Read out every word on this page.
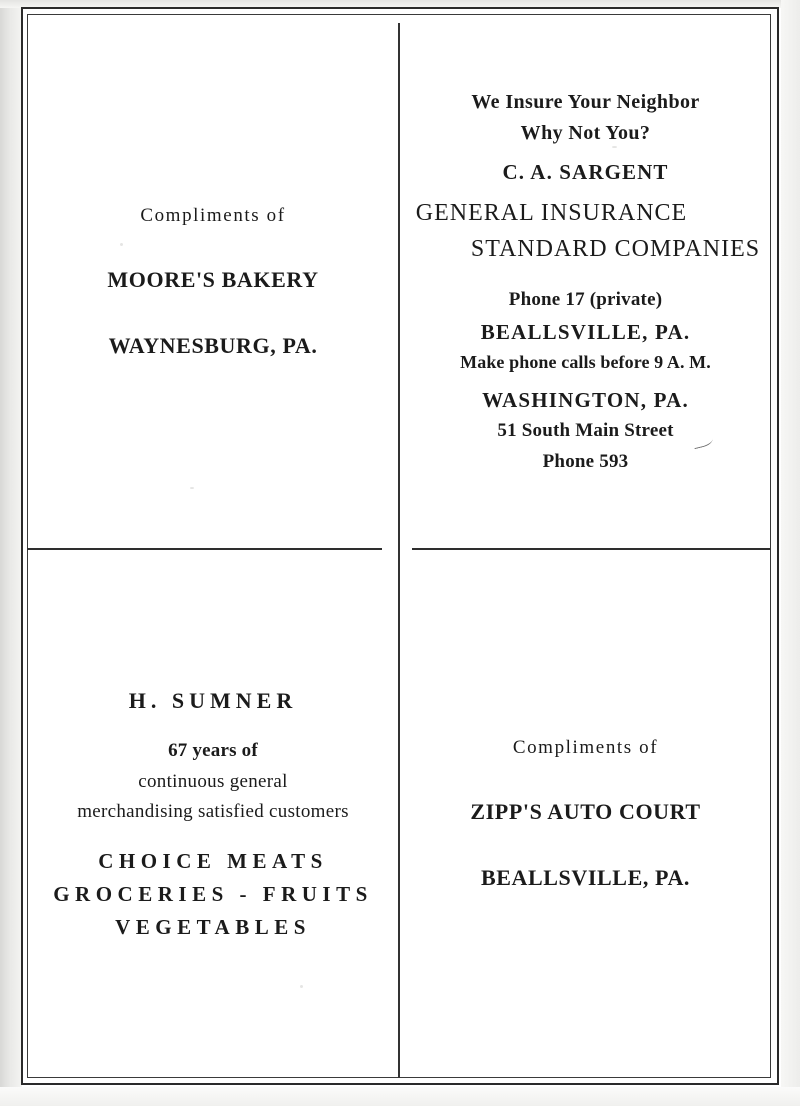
Compliments of
MOORE'S BAKERY
WAYNESBURG, PA.
We Insure Your Neighbor
Why Not You?
C. A. SARGENT
GENERAL INSURANCE
STANDARD COMPANIES
Phone 17 (private)
BEALLSVILLE, PA.
Make phone calls before 9 A. M.
WASHINGTON, PA.
51 South Main Street
Phone 593
H. SUMNER
67 years of
continuous general
merchandising satisfied customers
CHOICE MEATS
GROCERIES - FRUITS
VEGETABLES
Compliments of
ZIPP'S AUTO COURT
BEALLSVILLE, PA.
